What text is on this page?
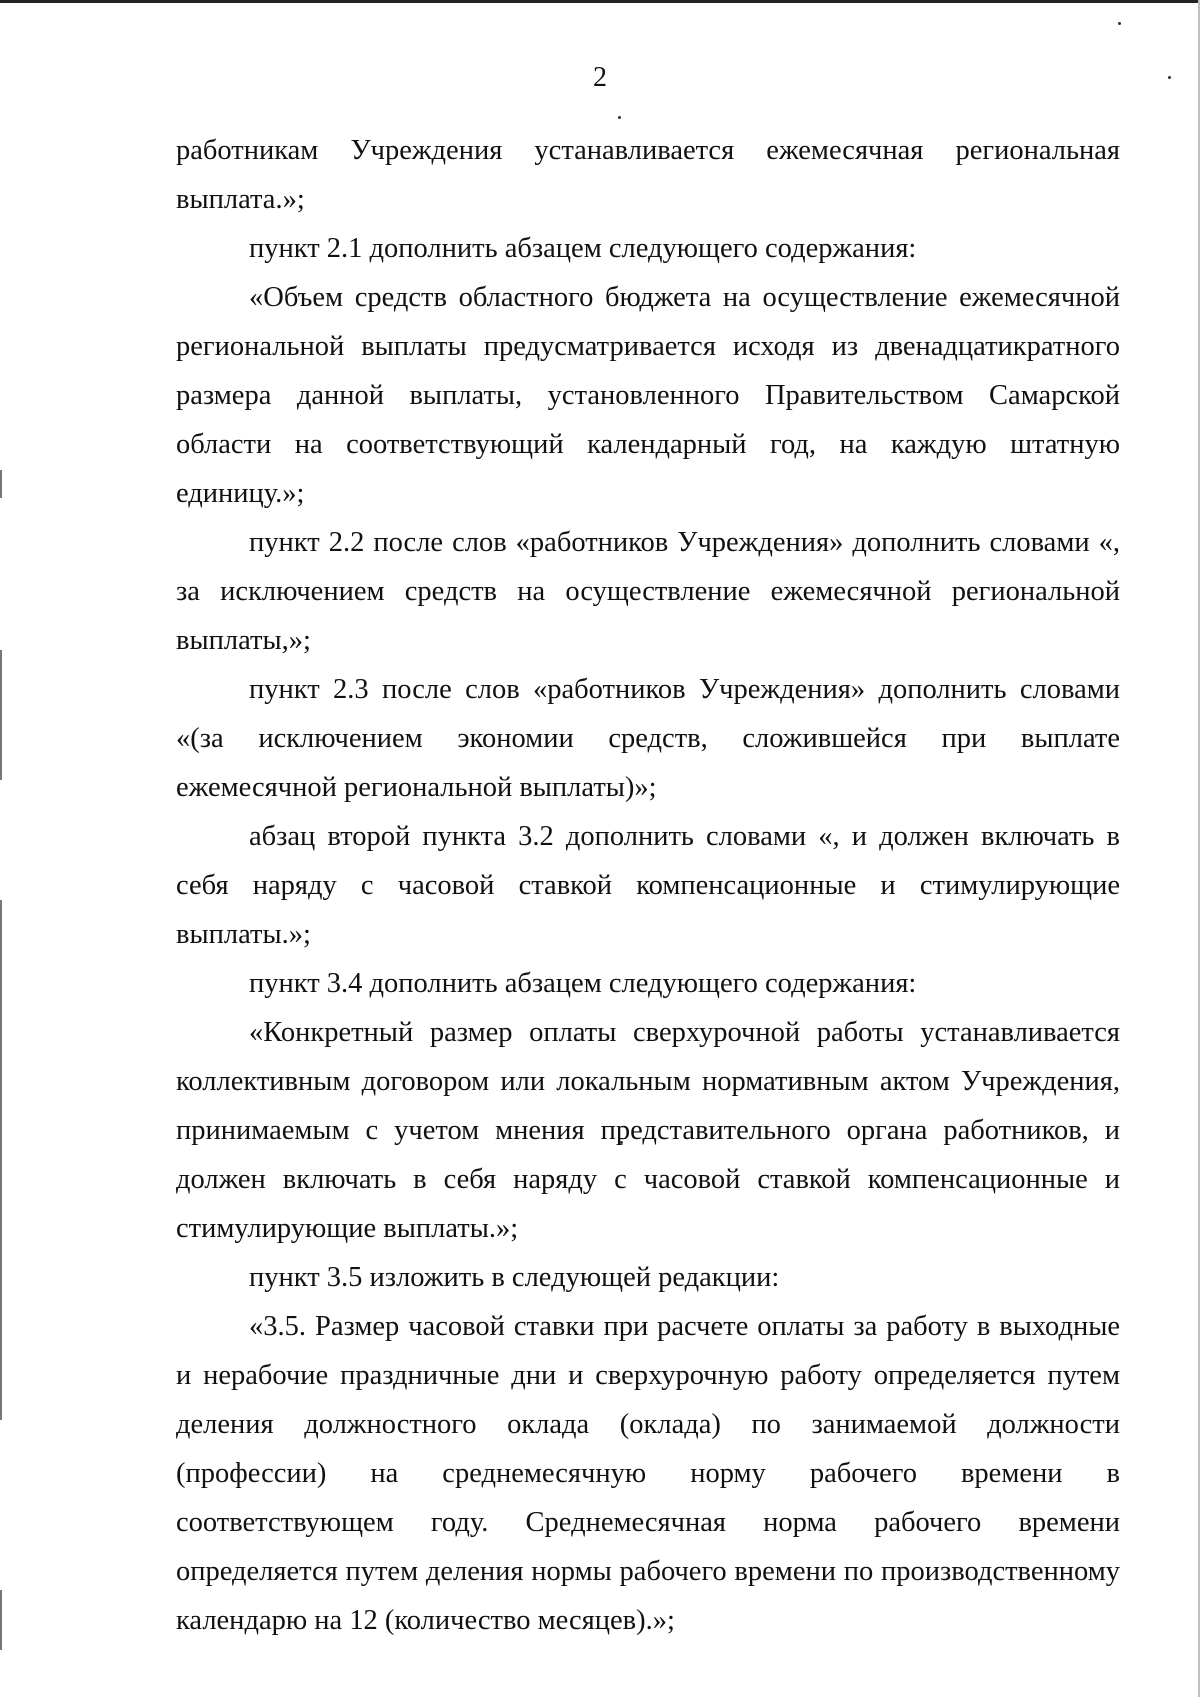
2

работникам Учреждения устанавливается ежемесячная региональная

выплата.»;

пункт 2.1 дополнить абзацем следующего содержания:

«Объем средств областного бюджета на осуществление ежемесячной региональной выплаты предусматривается исходя из двенадцатикратного размера данной выплаты, установленного Правительством Самарской области на соответствующий календарный год, на каждую штатную единицу.»;

пункт 2.2 после слов «работников Учреждения» дополнить словами «, за исключением средств на осуществление ежемесячной региональной выплаты,»;

пункт 2.3 после слов «работников Учреждения» дополнить словами «(за исключением экономии средств, сложившейся при выплате ежемесячной региональной выплаты)»;

абзац второй пункта 3.2 дополнить словами «, и должен включать в себя наряду с часовой ставкой компенсационные и стимулирующие выплаты.»;

пункт 3.4 дополнить абзацем следующего содержания:

«Конкретный размер оплаты сверхурочной работы устанавливается коллективным договором или локальным нормативным актом Учреждения, принимаемым с учетом мнения представительного органа работников, и должен включать в себя наряду с часовой ставкой компенсационные и стимулирующие выплаты.»;

пункт 3.5 изложить в следующей редакции:

«3.5. Размер часовой ставки при расчете оплаты за работу в выходные и нерабочие праздничные дни и сверхурочную работу определяется путем деления должностного оклада (оклада) по занимаемой должности (профессии) на среднемесячную норму рабочего времени в соответствующем году. Среднемесячная норма рабочего времени определяется путем деления нормы рабочего времени по производственному календарю на 12 (количество месяцев).»;
